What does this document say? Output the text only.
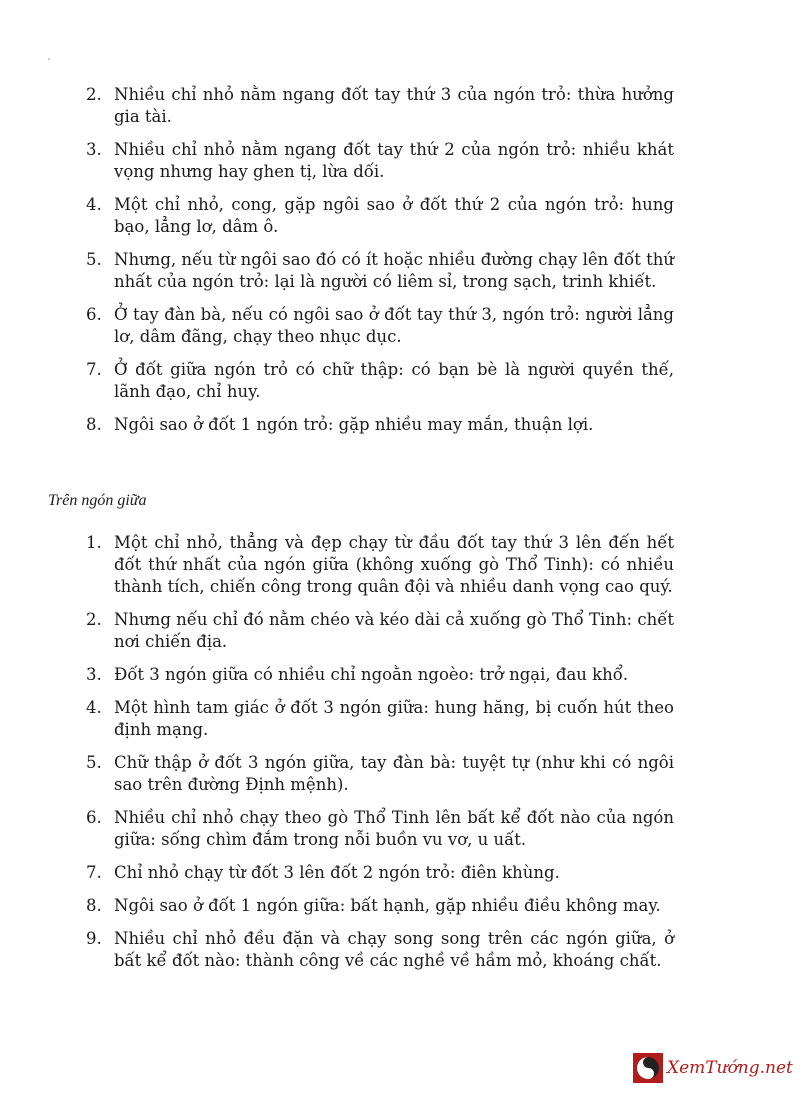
2. Nhiều chỉ nhỏ nằm ngang đốt tay thứ 3 của ngón trỏ: thừa hưởng gia tài.
3. Nhiều chỉ nhỏ nằm ngang đốt tay thứ 2 của ngón trỏ: nhiều khát vọng nhưng hay ghen tị, lừa dối.
4. Một chỉ nhỏ, cong, gặp ngôi sao ở đốt thứ 2 của ngón trỏ: hung bạo, lẳng lơ, dâm ô.
5. Nhưng, nếu từ ngôi sao đó có ít hoặc nhiều đường chạy lên đốt thứ nhất của ngón trỏ: lại là người có liêm sỉ, trong sạch, trinh khiết.
6. Ở tay đàn bà, nếu có ngôi sao ở đốt tay thứ 3, ngón trỏ: người lẳng lơ, dâm đãng, chạy theo nhục dục.
7. Ở đốt giữa ngón trỏ có chữ thập: có bạn bè là người quyền thế, lãnh đạo, chỉ huy.
8. Ngôi sao ở đốt 1 ngón trỏ: gặp nhiều may mắn, thuận lợi.
Trên ngón giữa
1. Một chỉ nhỏ, thẳng và đẹp chạy từ đầu đốt tay thứ 3 lên đến hết đốt thứ nhất của ngón giữa (không xuống gò Thổ Tinh): có nhiều thành tích, chiến công trong quân đội và nhiều danh vọng cao quý.
2. Nhưng nếu chỉ đó nằm chéo và kéo dài cả xuống gò Thổ Tinh: chết nơi chiến địa.
3. Đốt 3 ngón giữa có nhiều chỉ ngoằn ngoèo: trở ngại, đau khổ.
4. Một hình tam giác ở đốt 3 ngón giữa: hung hăng, bị cuốn hút theo định mạng.
5. Chữ thập ở đốt 3 ngón giữa, tay đàn bà: tuyệt tự (như khi có ngôi sao trên đường Định mệnh).
6. Nhiều chỉ nhỏ chạy theo gò Thổ Tinh lên bất kể đốt nào của ngón giữa: sống chìm đắm trong nỗi buồn vu vơ, u uất.
7. Chỉ nhỏ chạy từ đốt 3 lên đốt 2 ngón trỏ: điên khùng.
8. Ngôi sao ở đốt 1 ngón giữa: bất hạnh, gặp nhiều điều không may.
9. Nhiều chỉ nhỏ đều đặn và chạy song song trên các ngón giữa, ở bất kể đốt nào: thành công về các nghề về hầm mỏ, khoáng chất.
XemTướng.net
